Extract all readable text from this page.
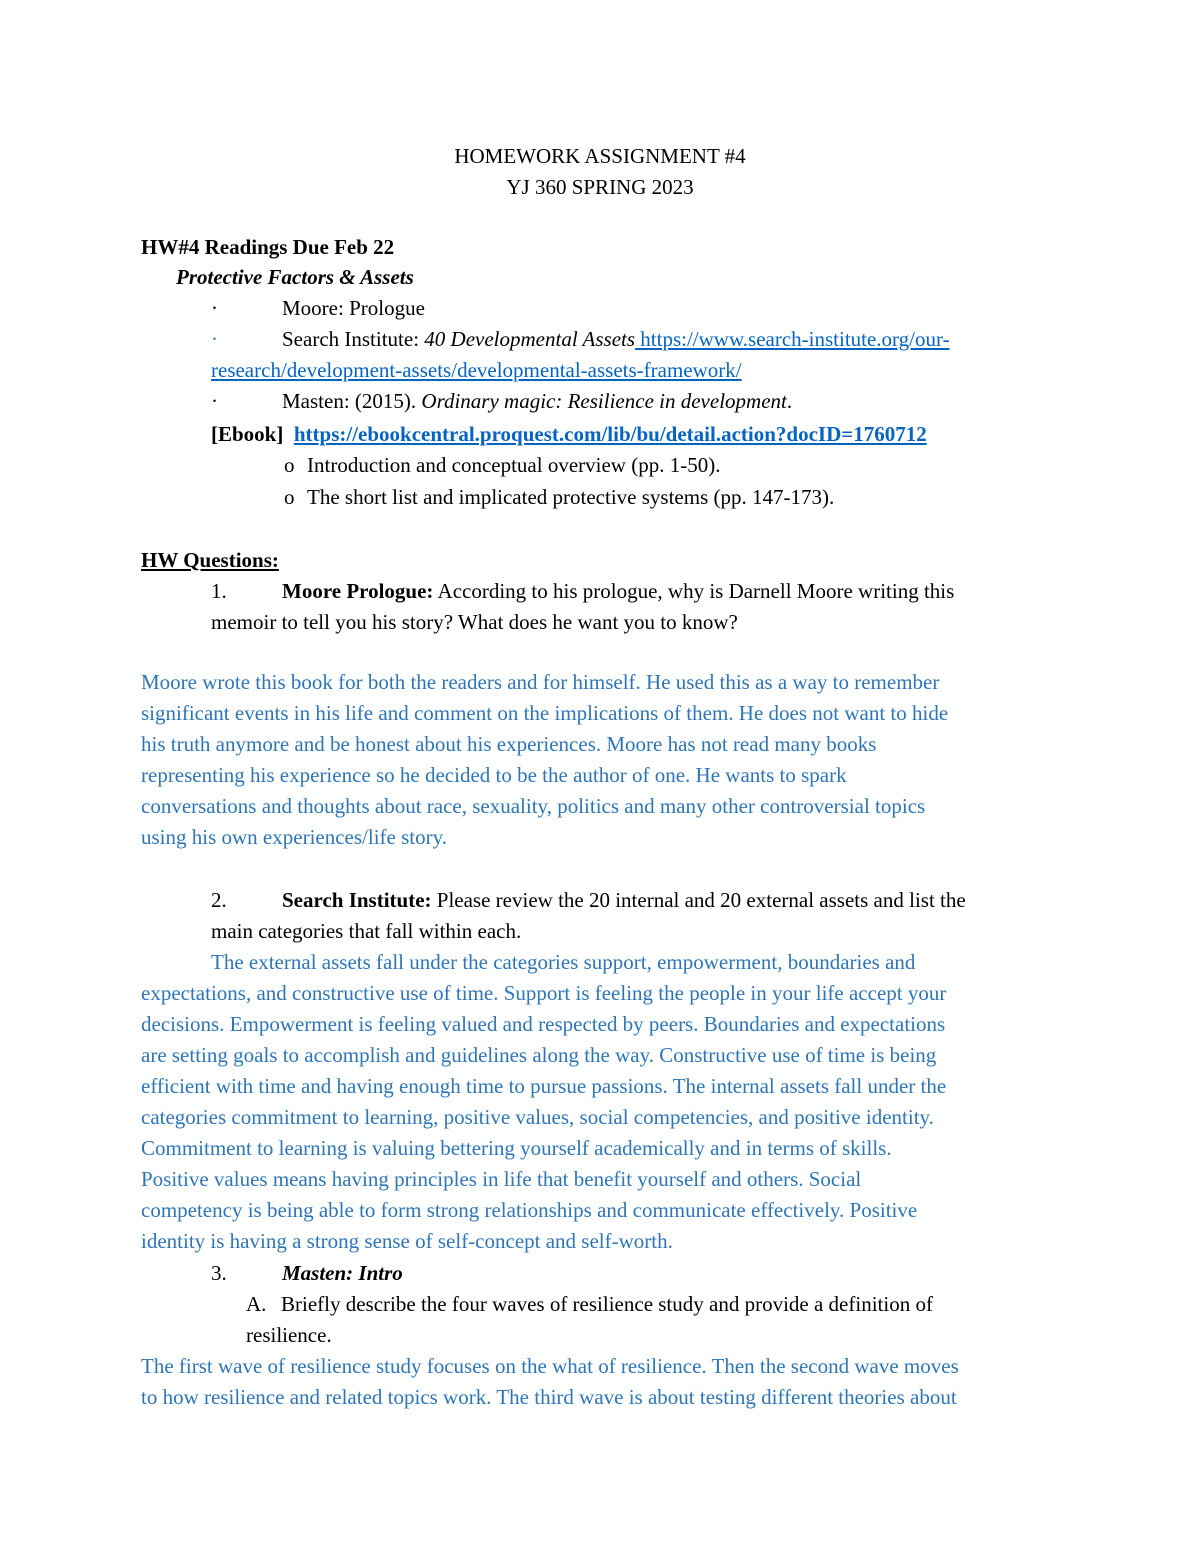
HOMEWORK ASSIGNMENT #4
YJ 360 SPRING 2023
HW#4 Readings Due Feb 22
Protective Factors & Assets
·	Moore: Prologue
·	Search Institute: 40 Developmental Assets https://www.search-institute.org/our-
research/development-assets/developmental-assets-framework/
·	Masten: (2015). Ordinary magic: Resilience in development.
[Ebook] https://ebookcentral.proquest.com/lib/bu/detail.action?docID=1760712
o Introduction and conceptual overview (pp. 1-50).
o The short list and implicated protective systems (pp. 147-173).
HW Questions:
1.	Moore Prologue: According to his prologue, why is Darnell Moore writing this
memoir to tell you his story? What does he want you to know?
Moore wrote this book for both the readers and for himself. He used this as a way to remember
significant events in his life and comment on the implications of them. He does not want to hide
his truth anymore and be honest about his experiences. Moore has not read many books
representing his experience so he decided to be the author of one. He wants to spark
conversations and thoughts about race, sexuality, politics and many other controversial topics
using his own experiences/life story.
2.	Search Institute: Please review the 20 internal and 20 external assets and list the
main categories that fall within each.
The external assets fall under the categories support, empowerment, boundaries and
expectations, and constructive use of time. Support is feeling the people in your life accept your
decisions. Empowerment is feeling valued and respected by peers. Boundaries and expectations
are setting goals to accomplish and guidelines along the way. Constructive use of time is being
efficient with time and having enough time to pursue passions. The internal assets fall under the
categories commitment to learning, positive values, social competencies, and positive identity.
Commitment to learning is valuing bettering yourself academically and in terms of skills.
Positive values means having principles in life that benefit yourself and others. Social
competency is being able to form strong relationships and communicate effectively. Positive
identity is having a strong sense of self-concept and self-worth.
3.	Masten: Intro
A. Briefly describe the four waves of resilience study and provide a definition of
resilience.
The first wave of resilience study focuses on the what of resilience. Then the second wave moves
to how resilience and related topics work. The third wave is about testing different theories about
